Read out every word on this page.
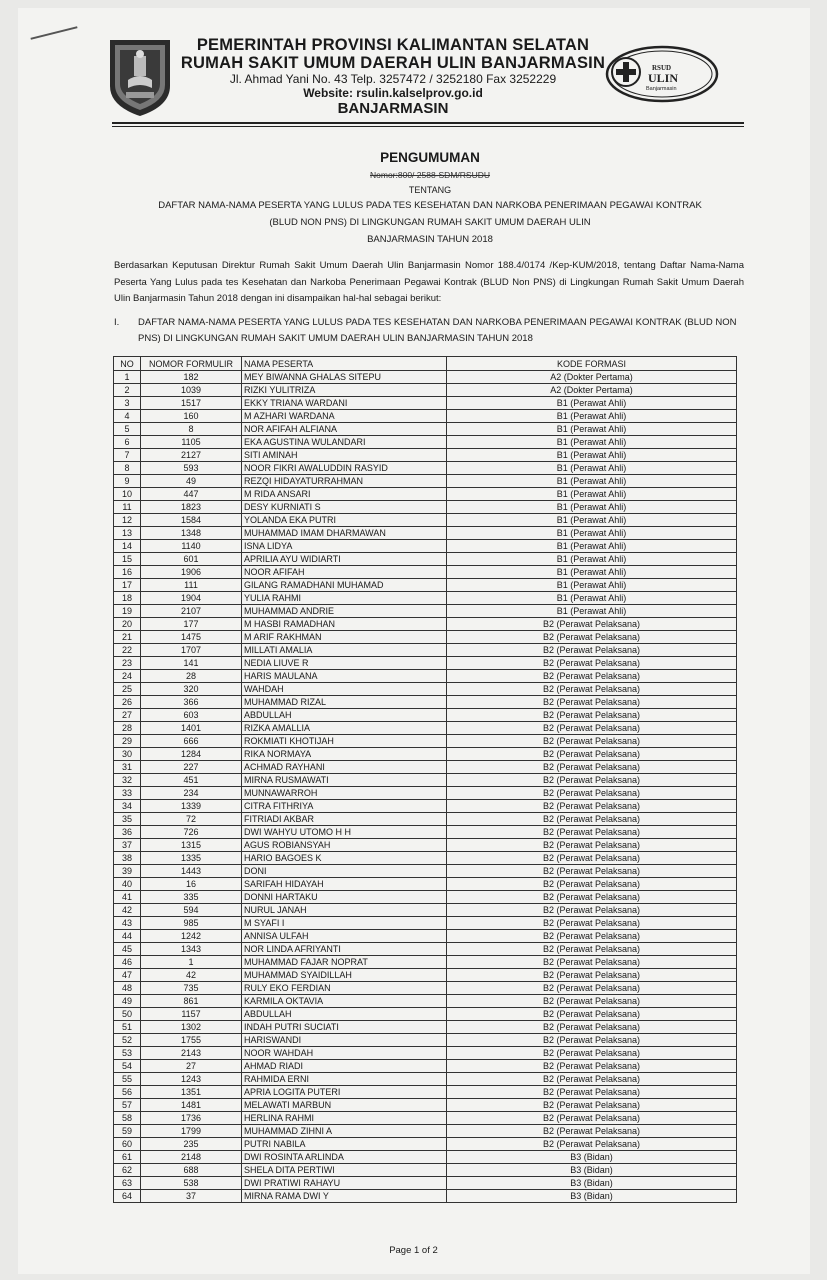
PEMERINTAH PROVINSI KALIMANTAN SELATAN
RUMAH SAKIT UMUM DAERAH ULIN BANJARMASIN
Jl. Ahmad Yani No. 43 Telp. 3257472 / 3252180 Fax 3252229
Website: rsulin.kalselprov.go.id
BANJARMASIN
RSUD
ULIN
Banjarmasin
PENGUMUMAN
Nomor:800/ 2588-SDM/RSUDU
TENTANG
DAFTAR NAMA-NAMA PESERTA YANG LULUS PADA TES KESEHATAN DAN NARKOBA PENERIMAAN PEGAWAI KONTRAK
(BLUD NON PNS) DI LINGKUNGAN RUMAH SAKIT UMUM DAERAH ULIN
BANJARMASIN TAHUN 2018
Berdasarkan Keputusan Direktur Rumah Sakit Umum Daerah Ulin Banjarmasin Nomor 188.4/0174 /Kep-KUM/2018, tentang Daftar Nama-Nama Peserta Yang Lulus pada tes Kesehatan dan Narkoba Penerimaan Pegawai Kontrak (BLUD Non PNS) di Lingkungan Rumah Sakit Umum Daerah Ulin Banjarmasin Tahun 2018 dengan ini disampaikan hal-hal sebagai berikut:
I. DAFTAR NAMA-NAMA PESERTA YANG LULUS PADA TES KESEHATAN DAN NARKOBA PENERIMAAN PEGAWAI KONTRAK (BLUD NON PNS) DI LINGKUNGAN RUMAH SAKIT UMUM DAERAH ULIN BANJARMASIN TAHUN 2018
NO	NOMOR FORMULIR	NAMA PESERTA	KODE FORMASI
1	182	MEY BIWANNA GHALAS SITEPU	A2 (Dokter Pertama)
2	1039	RIZKI YULITRIZA	A2 (Dokter Pertama)
3	1517	EKKY TRIANA WARDANI	B1 (Perawat Ahli)
4	160	M AZHARI WARDANA	B1 (Perawat Ahli)
5	8	NOR AFIFAH ALFIANA	B1 (Perawat Ahli)
6	1105	EKA AGUSTINA WULANDARI	B1 (Perawat Ahli)
7	2127	SITI AMINAH	B1 (Perawat Ahli)
8	593	NOOR FIKRI AWALUDDIN RASYID	B1 (Perawat Ahli)
9	49	REZQI HIDAYATURRAHMAN	B1 (Perawat Ahli)
10	447	M RIDA ANSARI	B1 (Perawat Ahli)
11	1823	DESY KURNIATI S	B1 (Perawat Ahli)
12	1584	YOLANDA EKA PUTRI	B1 (Perawat Ahli)
13	1348	MUHAMMAD IMAM DHARMAWAN	B1 (Perawat Ahli)
14	1140	ISNA LIDYA	B1 (Perawat Ahli)
15	601	APRILIA AYU WIDIARTI	B1 (Perawat Ahli)
16	1906	NOOR AFIFAH	B1 (Perawat Ahli)
17	111	GILANG RAMADHANI MUHAMAD	B1 (Perawat Ahli)
18	1904	YULIA RAHMI	B1 (Perawat Ahli)
19	2107	MUHAMMAD ANDRIE	B1 (Perawat Ahli)
20	177	M HASBI RAMADHAN	B2 (Perawat Pelaksana)
21	1475	M ARIF RAKHMAN	B2 (Perawat Pelaksana)
22	1707	MILLATI AMALIA	B2 (Perawat Pelaksana)
23	141	NEDIA LIUVE R	B2 (Perawat Pelaksana)
24	28	HARIS MAULANA	B2 (Perawat Pelaksana)
25	320	WAHDAH	B2 (Perawat Pelaksana)
26	366	MUHAMMAD RIZAL	B2 (Perawat Pelaksana)
27	603	ABDULLAH	B2 (Perawat Pelaksana)
28	1401	RIZKA AMALLIA	B2 (Perawat Pelaksana)
29	666	ROKMIATI KHOTIJAH	B2 (Perawat Pelaksana)
30	1284	RIKA NORMAYA	B2 (Perawat Pelaksana)
31	227	ACHMAD RAYHANI	B2 (Perawat Pelaksana)
32	451	MIRNA RUSMAWATI	B2 (Perawat Pelaksana)
33	234	MUNNAWARROH	B2 (Perawat Pelaksana)
34	1339	CITRA FITHRIYA	B2 (Perawat Pelaksana)
35	72	FITRIADI AKBAR	B2 (Perawat Pelaksana)
36	726	DWI WAHYU UTOMO H H	B2 (Perawat Pelaksana)
37	1315	AGUS ROBIANSYAH	B2 (Perawat Pelaksana)
38	1335	HARIO BAGOES K	B2 (Perawat Pelaksana)
39	1443	DONI	B2 (Perawat Pelaksana)
40	16	SARIFAH HIDAYAH	B2 (Perawat Pelaksana)
41	335	DONNI HARTAKU	B2 (Perawat Pelaksana)
42	594	NURUL JANAH	B2 (Perawat Pelaksana)
43	985	M SYAFI I	B2 (Perawat Pelaksana)
44	1242	ANNISA ULFAH	B2 (Perawat Pelaksana)
45	1343	NOR LINDA AFRIYANTI	B2 (Perawat Pelaksana)
46	1	MUHAMMAD FAJAR NOPRAT	B2 (Perawat Pelaksana)
47	42	MUHAMMAD SYAIDILLAH	B2 (Perawat Pelaksana)
48	735	RULY EKO FERDIAN	B2 (Perawat Pelaksana)
49	861	KARMILA OKTAVIA	B2 (Perawat Pelaksana)
50	1157	ABDULLAH	B2 (Perawat Pelaksana)
51	1302	INDAH PUTRI SUCIATI	B2 (Perawat Pelaksana)
52	1755	HARISWANDI	B2 (Perawat Pelaksana)
53	2143	NOOR WAHDAH	B2 (Perawat Pelaksana)
54	27	AHMAD RIADI	B2 (Perawat Pelaksana)
55	1243	RAHMIDA ERNI	B2 (Perawat Pelaksana)
56	1351	APRIA LOGITA PUTERI	B2 (Perawat Pelaksana)
57	1481	MELAWATI MARBUN	B2 (Perawat Pelaksana)
58	1736	HERLINA RAHMI	B2 (Perawat Pelaksana)
59	1799	MUHAMMAD ZIHNI A	B2 (Perawat Pelaksana)
60	235	PUTRI NABILA	B2 (Perawat Pelaksana)
61	2148	DWI ROSINTA ARLINDA	B3 (Bidan)
62	688	SHELA DITA PERTIWI	B3 (Bidan)
63	538	DWI PRATIWI RAHAYU	B3 (Bidan)
64	37	MIRNA RAMA DWI Y	B3 (Bidan)
Page 1 of 2
